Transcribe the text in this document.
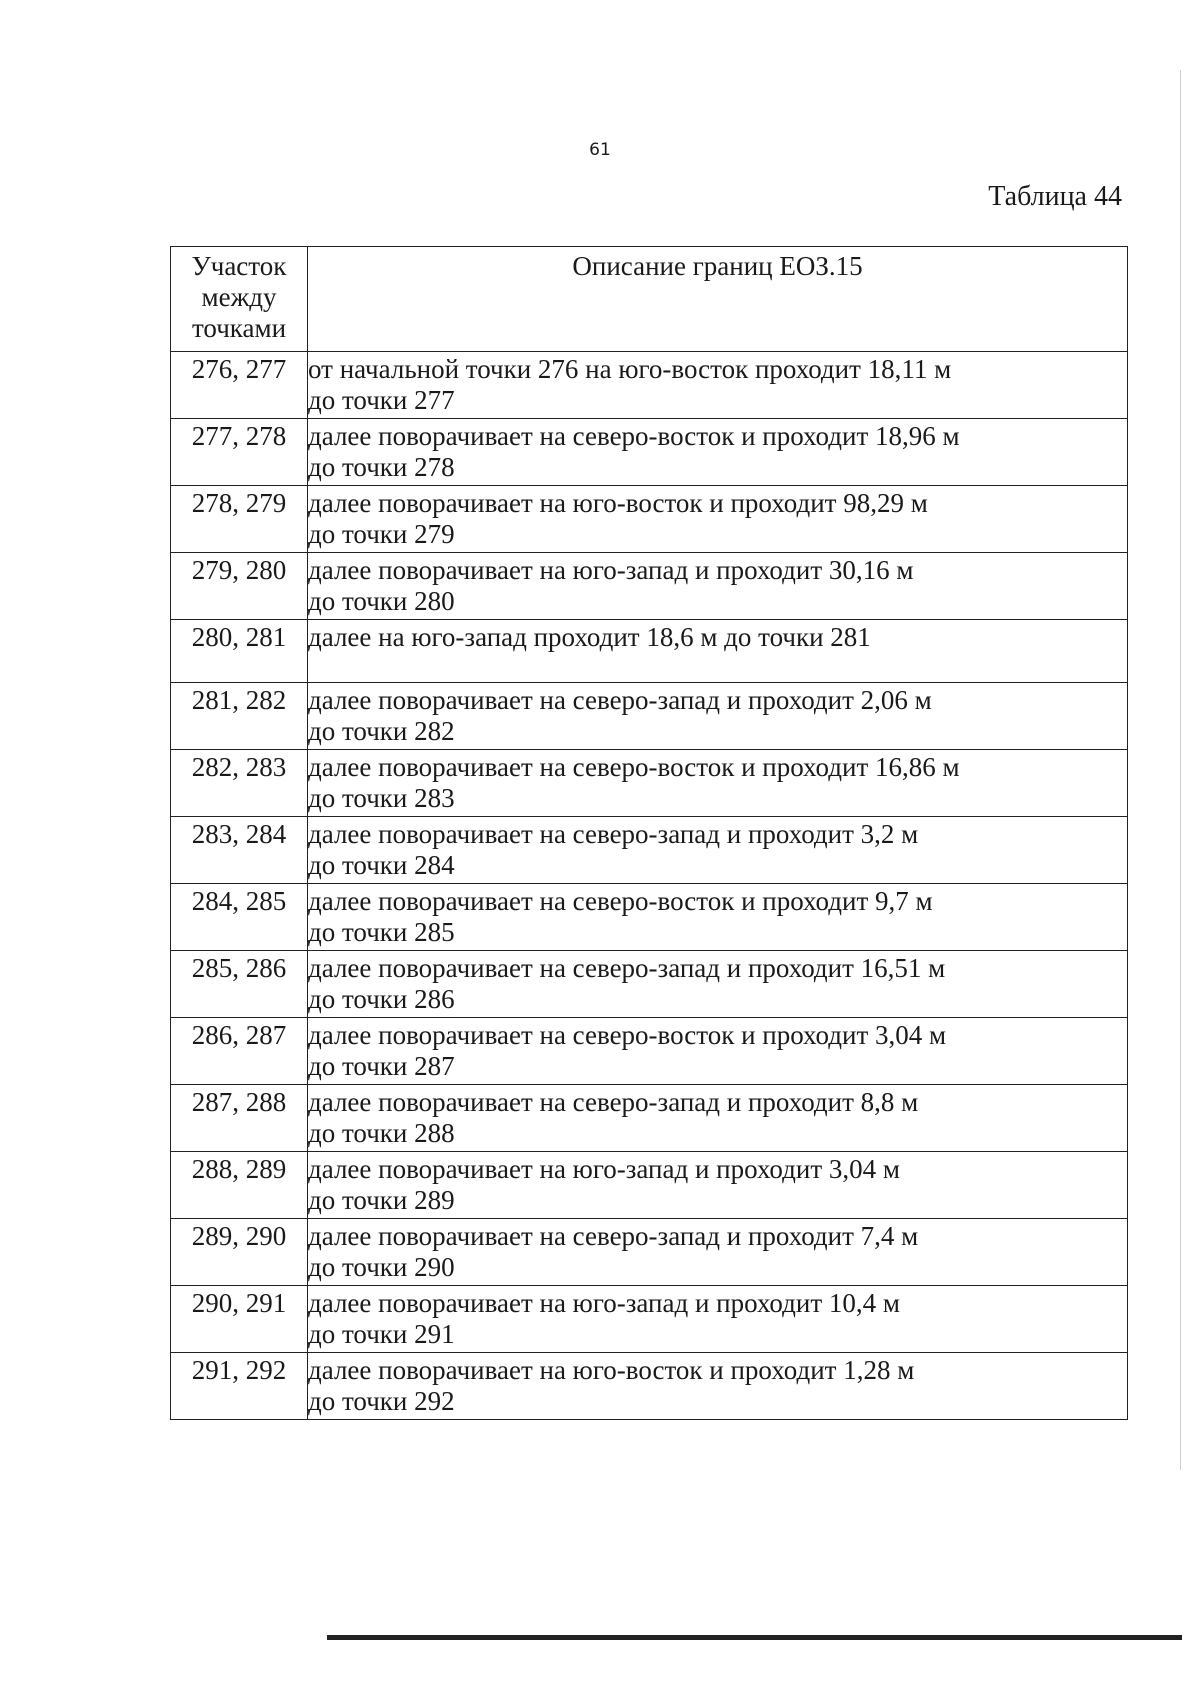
61
Таблица 44
Участок
между
точками	Описание границ ЕОЗ.15
276, 277	от начальной точки 276 на юго-восток проходит 18,11 м
до точки 277

277, 278	далее поворачивает на северо-восток и проходит 18,96 м
до точки 278

278, 279	далее поворачивает на юго-восток и проходит 98,29 м
до точки 279

279, 280	далее поворачивает на юго-запад и проходит 30,16 м
до точки 280

280, 281	далее на юго-запад проходит 18,6 м до точки 281

281, 282	далее поворачивает на северо-запад и проходит 2,06 м
до точки 282

282, 283	далее поворачивает на северо-восток и проходит 16,86 м
до точки 283

283, 284	далее поворачивает на северо-запад и проходит 3,2 м
до точки 284

284, 285	далее поворачивает на северо-восток и проходит 9,7 м
до точки 285

285, 286	далее поворачивает на северо-запад и проходит 16,51 м
до точки 286

286, 287	далее поворачивает на северо-восток и проходит 3,04 м
до точки 287

287, 288	далее поворачивает на северо-запад и проходит 8,8 м
до точки 288

288, 289	далее поворачивает на юго-запад и проходит 3,04 м
до точки 289

289, 290	далее поворачивает на северо-запад и проходит 7,4 м
до точки 290

290, 291	далее поворачивает на юго-запад и проходит 10,4 м
до точки 291

291, 292	далее поворачивает на юго-восток и проходит 1,28 м
до точки 292
